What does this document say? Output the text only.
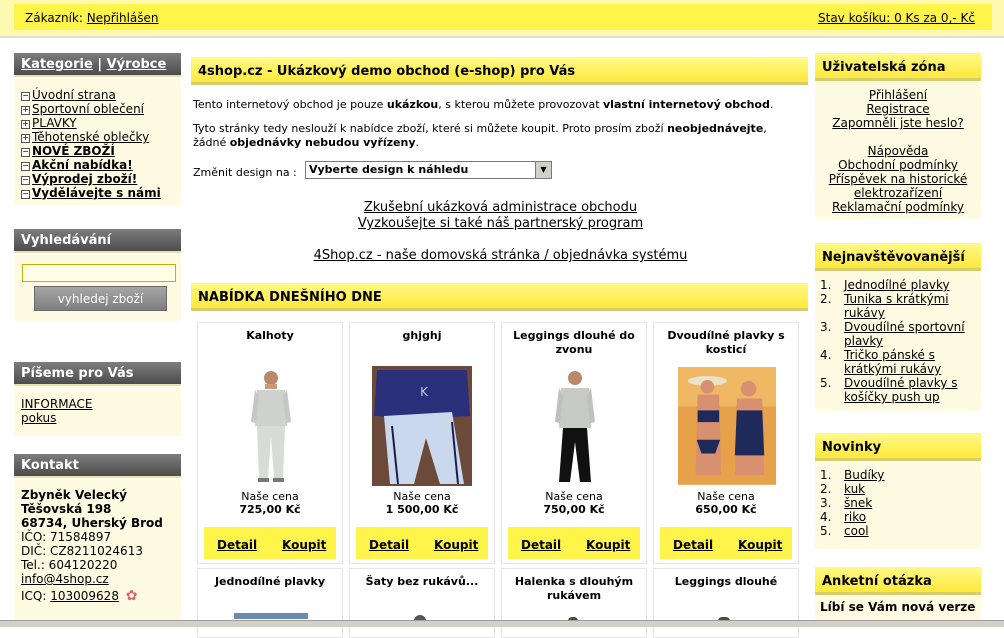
Zákazník: Nepřihlášen	Stav košíku: 0 Ks za 0,- Kč
Kategorie | Výrobce
− Úvodní strana
+ Sportovní oblečení
+ PLAVKY
+ Těhotenské oblečky
− NOVÉ ZBOŽÍ
− Akční nabídka!
− Výprodej zboží!
− Vydělávejte s námi
Vyhledávání
vyhledej zboží
Píšeme pro Vás
INFORMACE
pokus
Kontakt
Zbyněk Velecký
Těšovská 198
68734, Uherský Brod
IČO: 71584897
DIČ: CZ8211024613
Tel.: 604120220
info@4shop.cz
ICQ: 103009628 ✿
4shop.cz - Ukázkový demo obchod (e-shop) pro Vás
Tento internetový obchod je pouze ukázkou, s kterou můžete provozovat vlastní internetový obchod.
Tyto stránky tedy neslouží k nabídce zboží, které si můžete koupit. Proto prosím zboží neobjednávejte,
žádné objednávky nebudou vyřízeny.
Změnit design na :	Vyberte design k náhledu	▼
Zkušební ukázková administrace obchodu
Vyzkoušejte si také náš partnerský program
4Shop.cz - naše domovská stránka / objednávka systému
NABÍDKA DNEŠNÍHO DNE
Kalhoty
Naše cena
725,00 Kč
Detail Koupit
ghjghj
K
Naše cena
1 500,00 Kč
Detail Koupit
Leggings dlouhé do zvonu
Naše cena
750,00 Kč
Detail Koupit
Dvoudílné plavky s kosticí
Naše cena
650,00 Kč
Detail Koupit
Jednodílné plavky	Šaty bez rukávů...	Halenka s dlouhým rukávem
Leggings dlouhé
Uživatelská zóna
Přihlášení
Registrace
Zapomněli jste heslo?
Nápověda
Obchodní podmínky
Příspěvek na historické
elektrozařízení
Reklamační podmínky
Nejnavštěvovanější
1. Jednodílné plavky
2. Tunika s krátkými
rukávy
3. Dvoudílné sportovní
plavky
4. Tričko pánské s
krátkými rukávy
5. Dvoudílné plavky s
košíčky push up
Novinky
1. Budíky
2. kuk
3. šnek
4. riko
5. cool
Anketní otázka
Líbí se Vám nová verze
